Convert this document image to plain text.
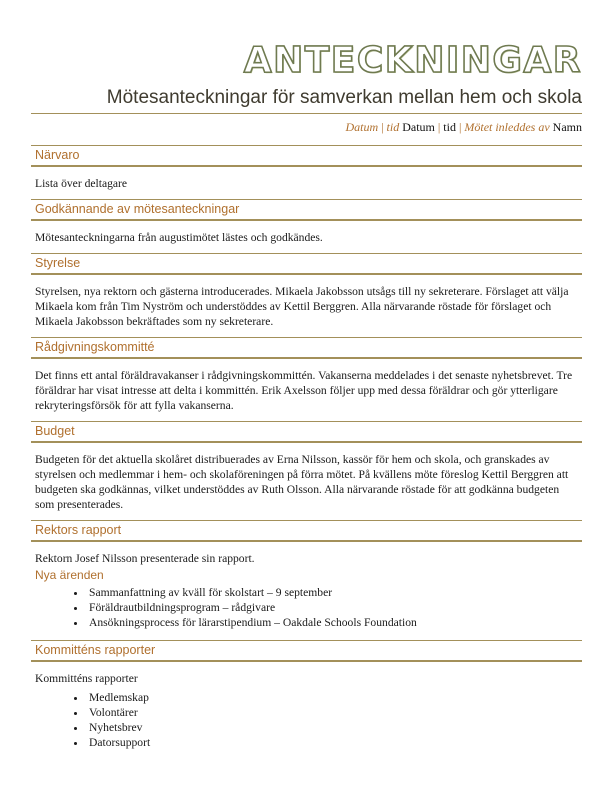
ANTECKNINGAR
Mötesanteckningar för samverkan mellan hem och skola
Datum | tid Datum | tid | Mötet inleddes av Namn
Närvaro
Lista över deltagare
Godkännande av mötesanteckningar
Mötesanteckningarna från augustimötet lästes och godkändes.
Styrelse
Styrelsen, nya rektorn och gästerna introducerades. Mikaela Jakobsson utsågs till ny sekreterare. Förslaget att välja Mikaela kom från Tim Nyström och understöddes av Kettil Berggren. Alla närvarande röstade för förslaget och Mikaela Jakobsson bekräftades som ny sekreterare.
Rådgivningskommitté
Det finns ett antal föräldravakanser i rådgivningskommittén. Vakanserna meddelades i det senaste nyhetsbrevet. Tre föräldrar har visat intresse att delta i kommittén. Erik Axelsson följer upp med dessa föräldrar och gör ytterligare rekryteringsförsök för att fylla vakanserna.
Budget
Budgeten för det aktuella skolåret distribuerades av Erna Nilsson, kassör för hem och skola, och granskades av styrelsen och medlemmar i hem- och skolaföreningen på förra mötet. På kvällens möte föreslog Kettil Berggren att budgeten ska godkännas, vilket understöddes av Ruth Olsson. Alla närvarande röstade för att godkänna budgeten som presenterades.
Rektors rapport
Rektorn Josef Nilsson presenterade sin rapport.
Nya ärenden
• Sammanfattning av kväll för skolstart – 9 september
• Föräldrautbildningsprogram – rådgivare
• Ansökningsprocess för lärarstipendium – Oakdale Schools Foundation
Kommitténs rapporter
Kommitténs rapporter
• Medlemskap
• Volontärer
• Nyhetsbrev
• Datorsupport
